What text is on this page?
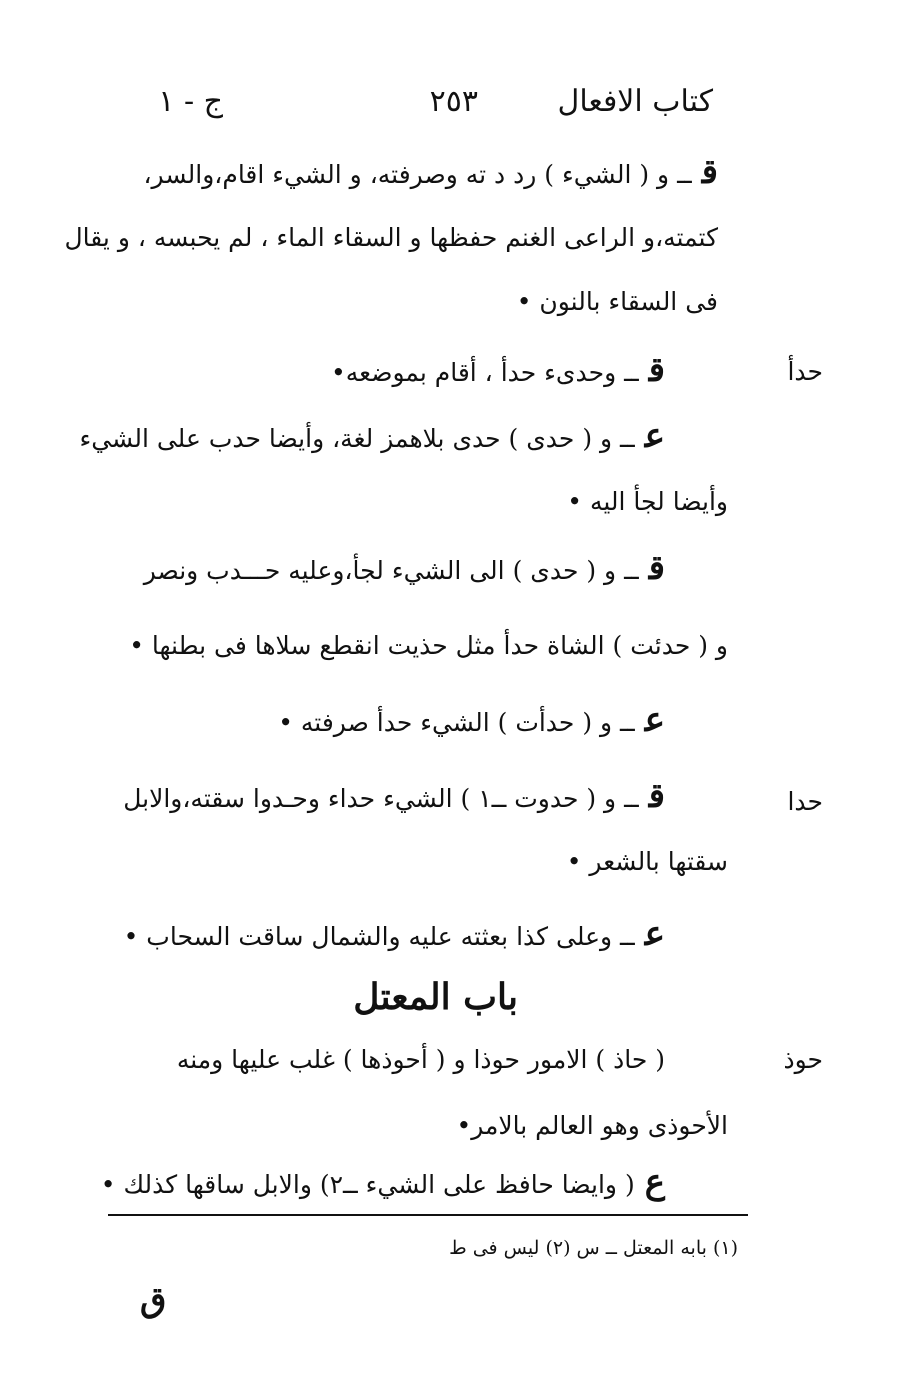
كتاب الافعال
٢٥٣
ج - ١
قــ و ( الشيء ) رد د ته وصرفته، و الشيء اقام،والسر،
كتمته،و الراعى الغنم حفظها و السقاء الماء ، لم يحبسه ، و يقال
فى السقاء بالنون •
حدأ
قــ وحدىء حدأ ، أقام بموضعه•
عــ و ( حدى ) حدى بلاهمز لغة، وأيضا حدب على الشيء
وأيضا لجأ اليه •
قــ و ( حدى ) الى الشيء لجأ،وعليه حـــدب ونصر
و ( حدئت ) الشاة حدأ مثل حذيت انقطع سلاها فى بطنها •
عــ و ( حدأت ) الشيء حدأ صرفته •
حدا
قــ و ( حدوت ــ١ ) الشيء حداء وحـدوا سقته،والابل
سقتها بالشعر •
عــ وعلى كذا بعثته عليه والشمال ساقت السحاب •
باب المعتل
حوذ
( حاذ ) الامور حوذا و ( أحوذها ) غلب عليها ومنه
الأحوذى وهو العالم بالامر•
ع( وايضا حافظ على الشيء ــ٢) والابل ساقها كذلك •
(١) بابه المعتل ــ س (٢) ليس فى ط
ق
